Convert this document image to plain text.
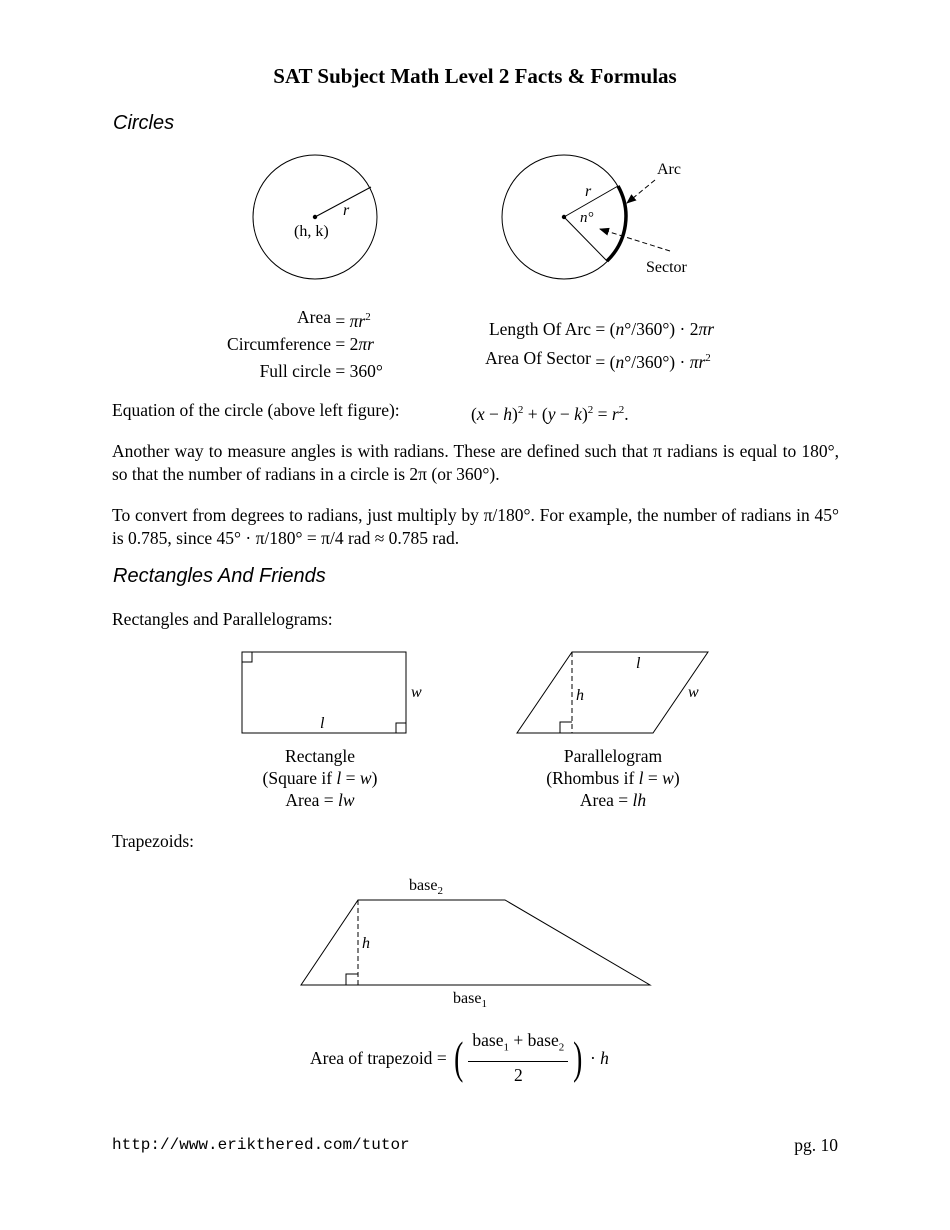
SAT Subject Math Level 2 Facts & Formulas
Circles
r
(h, k)
r
n°
Arc
Sector
Area = $\pi r^2$
Circumference = 2πr
Full circle = 360°
Length Of Arc = (n°/360°) · 2πr
Area Of Sector = $(n^\circ/360^\circ) \cdot \pi r^2$
Equation of the circle (above left figure):	$(x - h)^2 + (y - k)^2 = r^2$.
Another way to measure angles is with radians. These are defined such that π radians is equal to 180°, so that the number of radians in a circle is 2π (or 360°).
To convert from degrees to radians, just multiply by π/180°. For example, the number of radians in 45° is 0.785, since 45° · π/180° = π/4 rad ≈ 0.785 rad.
Rectangles And Friends
Rectangles and Parallelograms:
w
l
l
h	w
Rectangle
(Square if l = w)
Area = lw
Parallelogram
(Rhombus if l = w)
Area = lh
Trapezoids:
h
base$_2$
base$_1$
Area of trapezoid = ( $\frac{base_1 + base_2}{2}$ ) · h
http://www.erikthered.com/tutor	pg. 10
